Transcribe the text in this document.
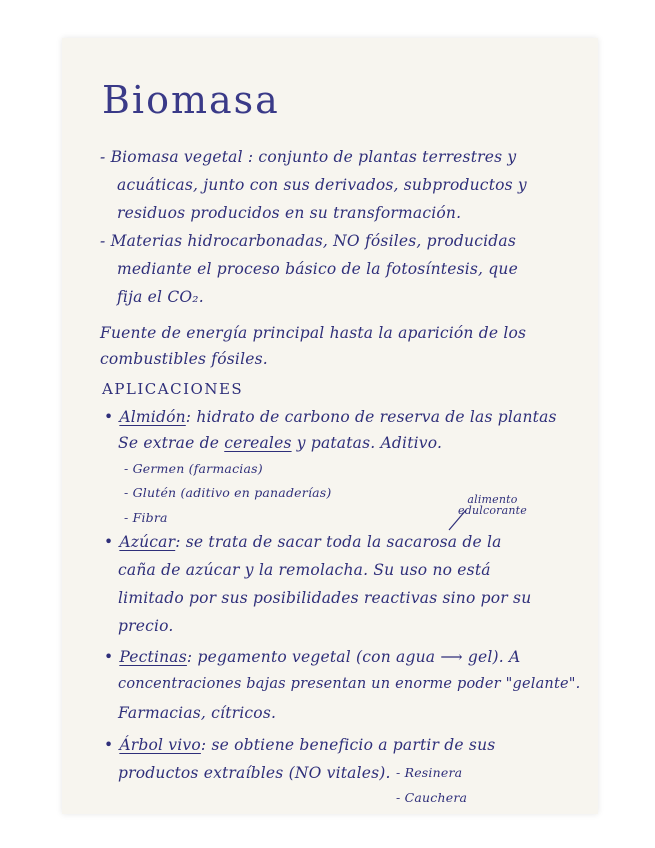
Biomasa
- Biomasa vegetal : conjunto de plantas terrestres y
acuáticas, junto con sus derivados, subproductos y
residuos producidos en su transformación.
- Materias hidrocarbonadas, NO fósiles, producidas
mediante el proceso básico de la fotosíntesis, que
fija el CO₂.
Fuente de energía principal hasta la aparición de los
combustibles fósiles.
APLICACIONES
• Almidón: hidrato de carbono de reserva de las plantas
Se extrae de cereales y patatas. Aditivo.
- Germen (farmacias)
- Glutén (aditivo en panaderías)
- Fibra
alimento
edulcorante
• Azúcar: se trata de sacar toda la sacarosa de la
caña de azúcar y la remolacha. Su uso no está
limitado por sus posibilidades reactivas sino por su
precio.
• Pectinas: pegamento vegetal (con agua ⟶ gel). A
concentraciones bajas presentan un enorme poder "gelante".
Farmacias, cítricos.
• Árbol vivo: se obtiene beneficio a partir de sus
productos extraíbles (NO vitales). - Resinera
- Cauchera
